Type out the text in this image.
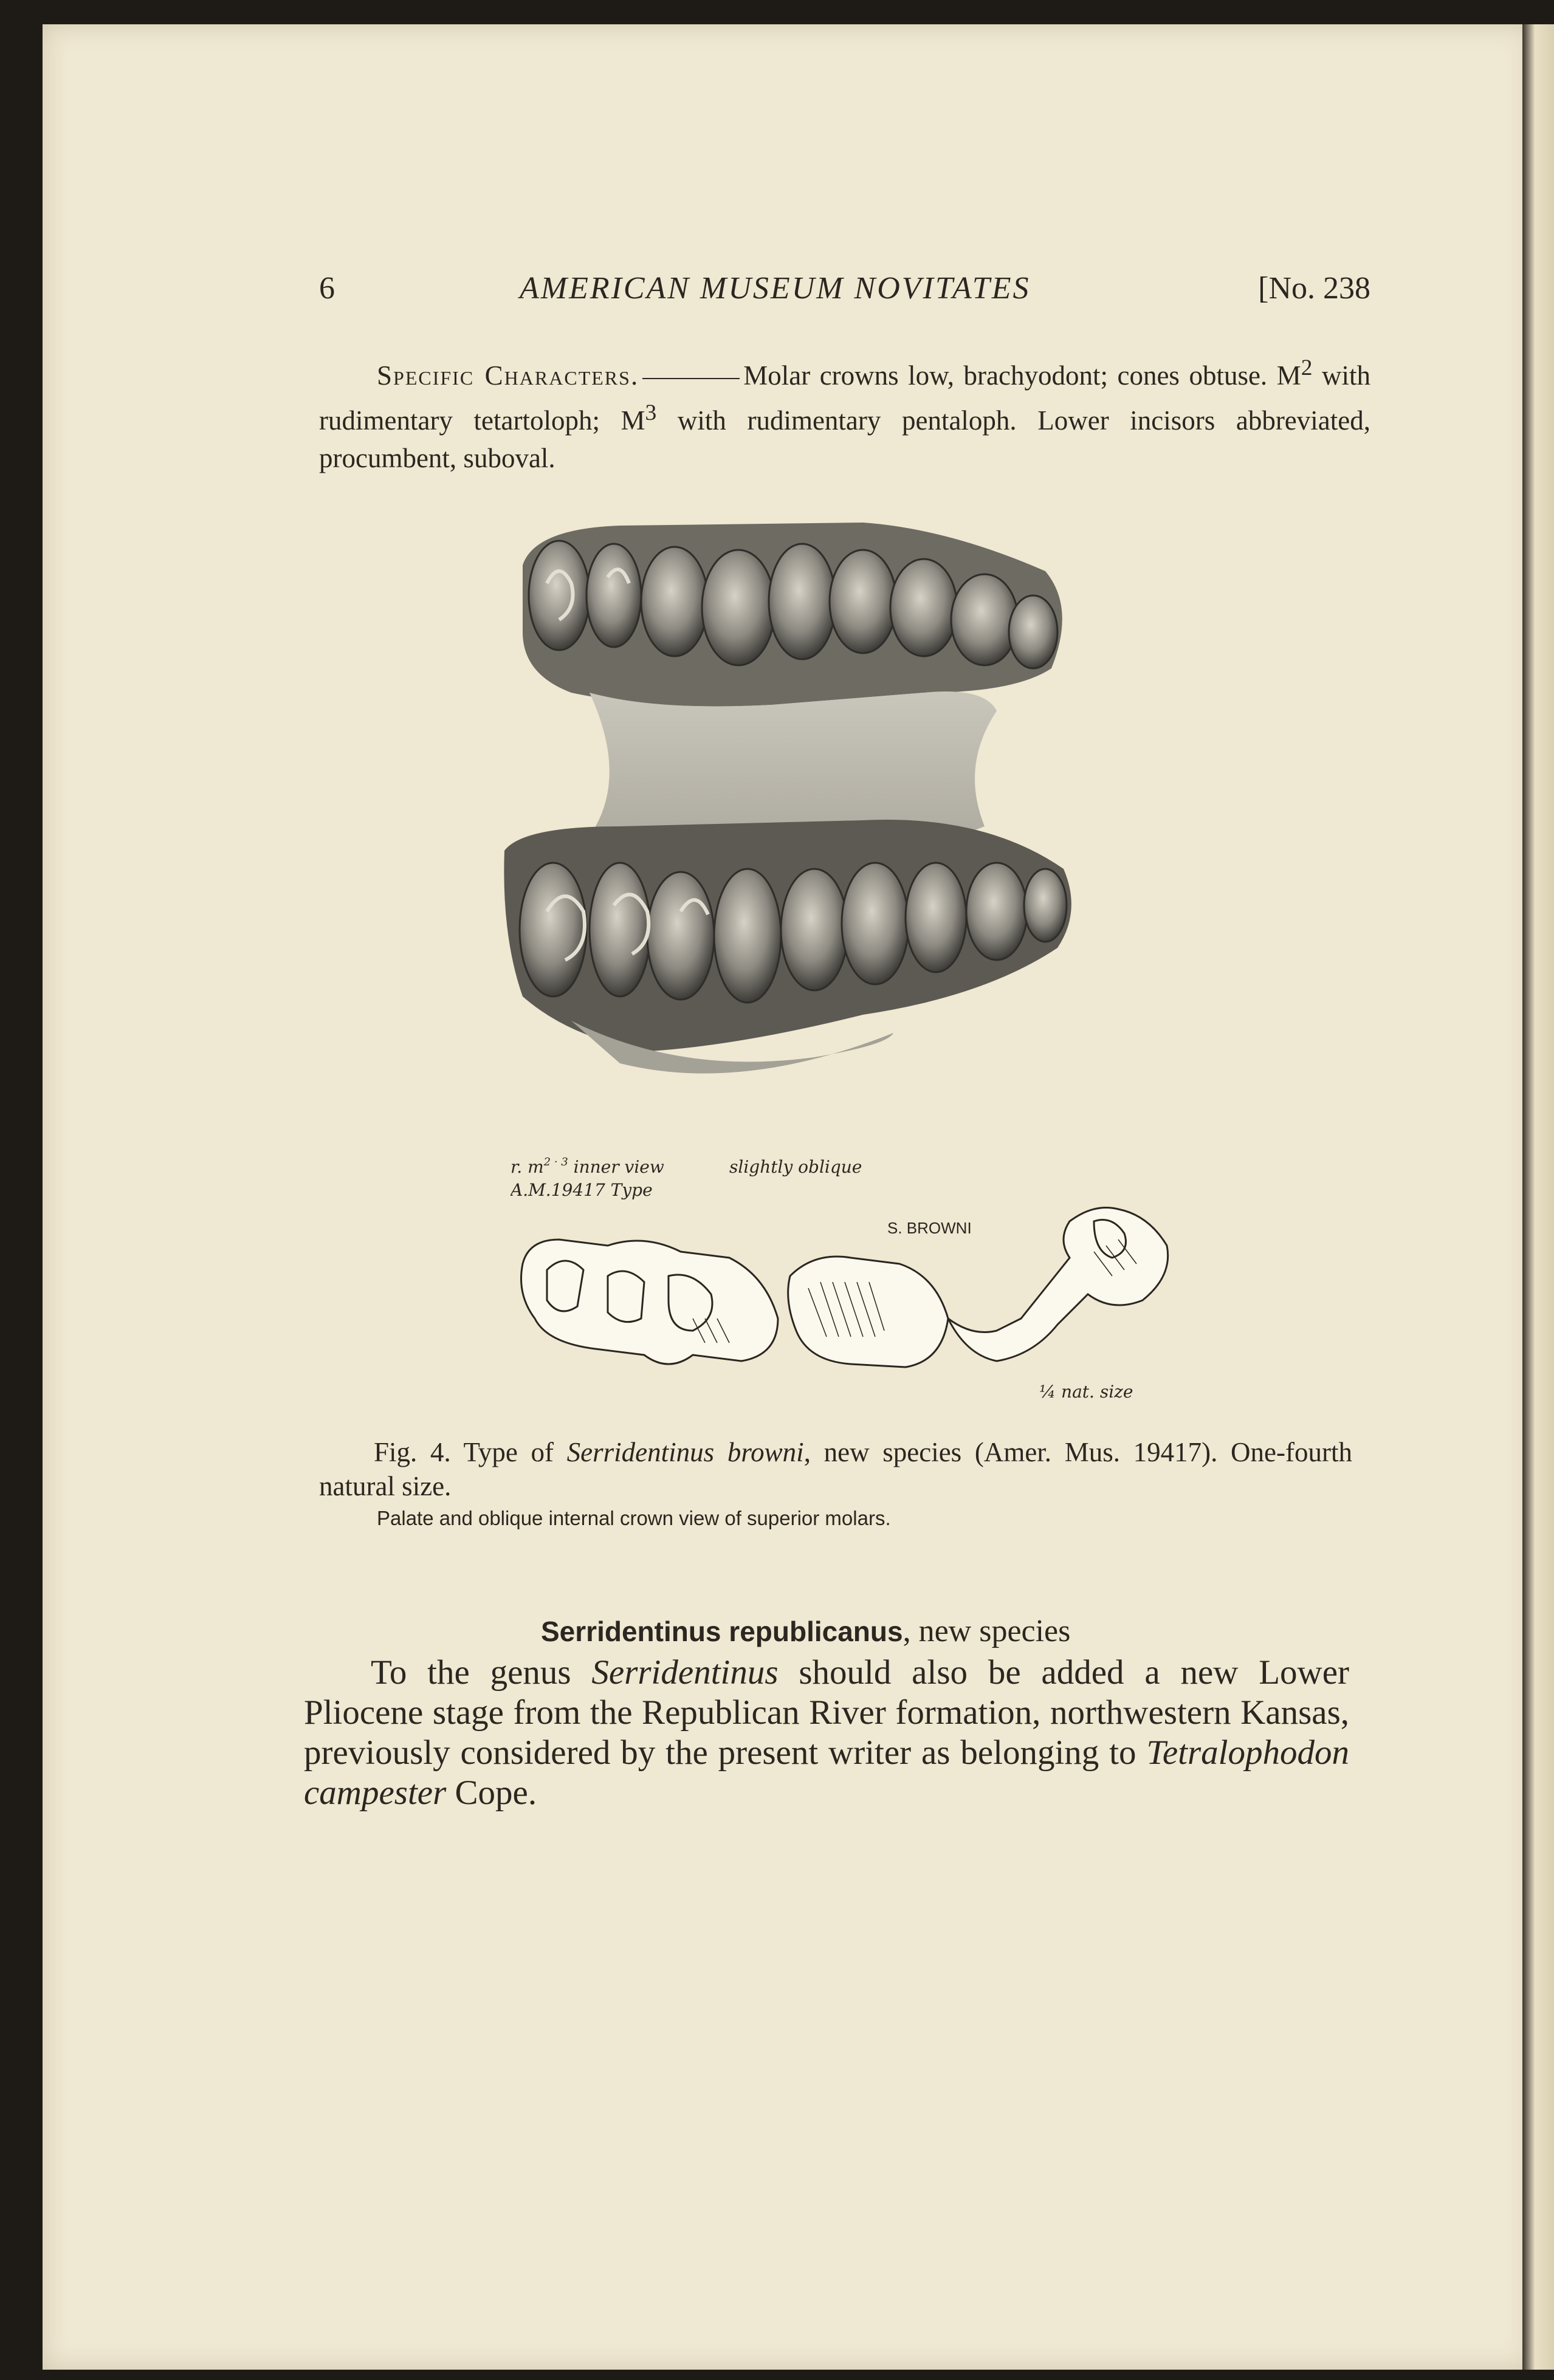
6	AMERICAN MUSEUM NOVITATES	[No. 238
Specific Characters.	Molar crowns low, brachyodont; cones obtuse. $M^2$ with rudimentary tetartoloph; $M^3$ with rudimentary pentaloph. Lower incisors abbreviated, procumbent, suboval.
r. $m^{2 \cdot 3}$ inner view
A.M.19417 Type
slightly oblique
S. BROWNI
¼ nat. size
Fig. 4. Type of Serridentinus browni, new species (Amer. Mus. 19417). One-fourth natural size.
Palate and oblique internal crown view of superior molars.
Serridentinus republicanus, new species
To the genus Serridentinus should also be added a new Lower Pliocene stage from the Republican River formation, northwestern Kansas, previously considered by the present writer as belonging to Tetralophodon campester Cope.
